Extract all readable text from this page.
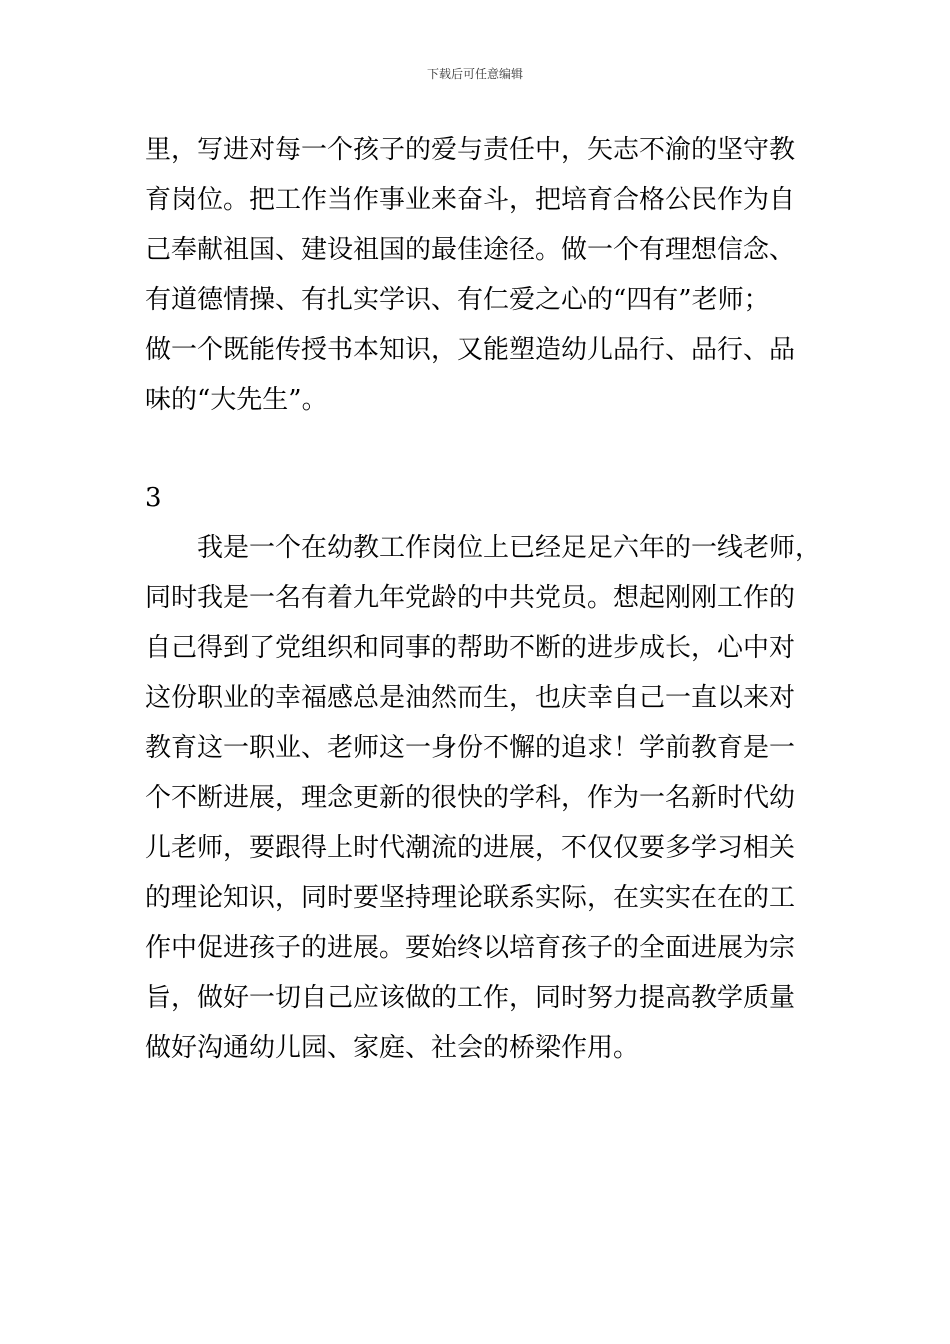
下载后可任意编辑
里，写进对每一个孩子的爱与责任中，矢志不渝的坚守教
育岗位。把工作当作事业来奋斗，把培育合格公民作为自
己奉献祖国、建设祖国的最佳途径。做一个有理想信念、
有道德情操、有扎实学识、有仁爱之心的“四有”老师；
做一个既能传授书本知识，又能塑造幼儿品行、品行、品
味的“大先生”。
3
我是一个在幼教工作岗位上已经足足六年的一线老师，
同时我是一名有着九年党龄的中共党员。想起刚刚工作的
自己得到了党组织和同事的帮助不断的进步成长，心中对
这份职业的幸福感总是油然而生，也庆幸自己一直以来对
教育这一职业、老师这一身份不懈的追求！学前教育是一
个不断进展，理念更新的很快的学科，作为一名新时代幼
儿老师，要跟得上时代潮流的进展，不仅仅要多学习相关
的理论知识，同时要坚持理论联系实际，在实实在在的工
作中促进孩子的进展。要始终以培育孩子的全面进展为宗
旨，做好一切自己应该做的工作，同时努力提高教学质量
做好沟通幼儿园、家庭、社会的桥梁作用。
